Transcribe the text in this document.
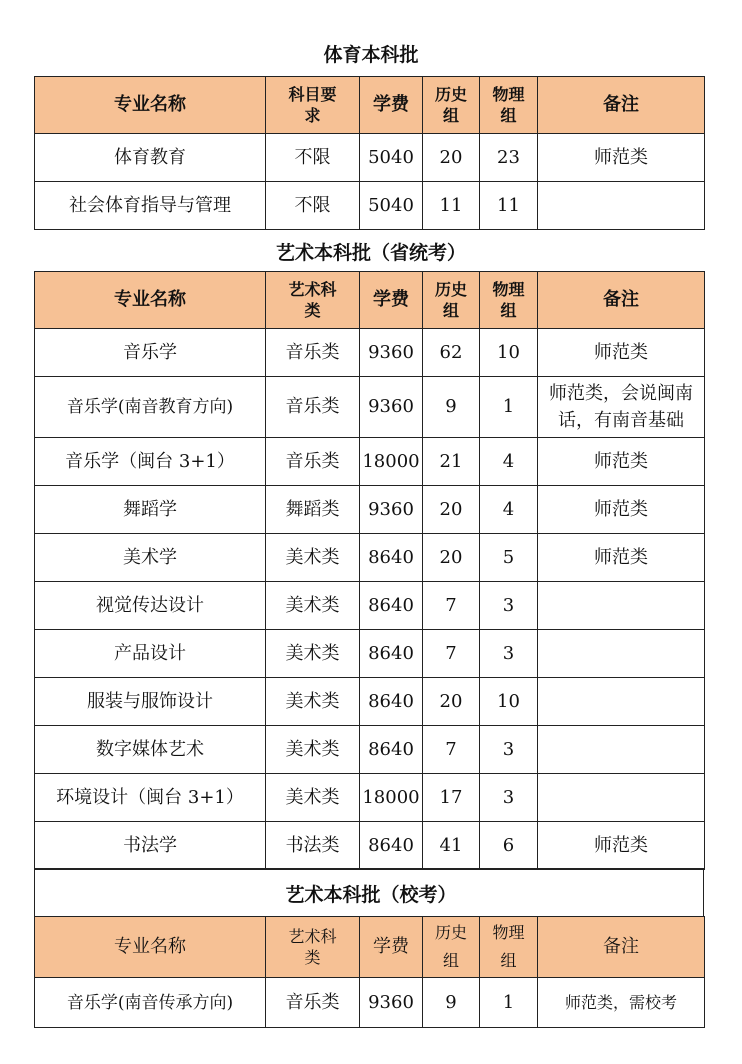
体育本科批
专业名称	科目要求	学费	历史组	物理组	备注
体育教育	不限	5040	20	23	师范类
社会体育指导与管理	不限	5040	11	11	
艺术本科批（省统考）
专业名称	艺术科类	学费	历史组	物理组	备注
音乐学	音乐类	9360	62	10	师范类
音乐学(南音教育方向)	音乐类	9360	9	1	师范类，会说闽南话，有南音基础
音乐学（闽台 3+1）	音乐类	18000	21	4	师范类
舞蹈学	舞蹈类	9360	20	4	师范类
美术学	美术类	8640	20	5	师范类
视觉传达设计	美术类	8640	7	3	
产品设计	美术类	8640	7	3	
服装与服饰设计	美术类	8640	20	10	
数字媒体艺术	美术类	8640	7	3	
环境设计（闽台 3+1）	美术类	18000	17	3	
书法学	书法类	8640	41	6	师范类
艺术本科批（校考）
专业名称	艺术科类	学费	历史组	物理组	备注
音乐学(南音传承方向)	音乐类	9360	9	1	师范类，需校考
